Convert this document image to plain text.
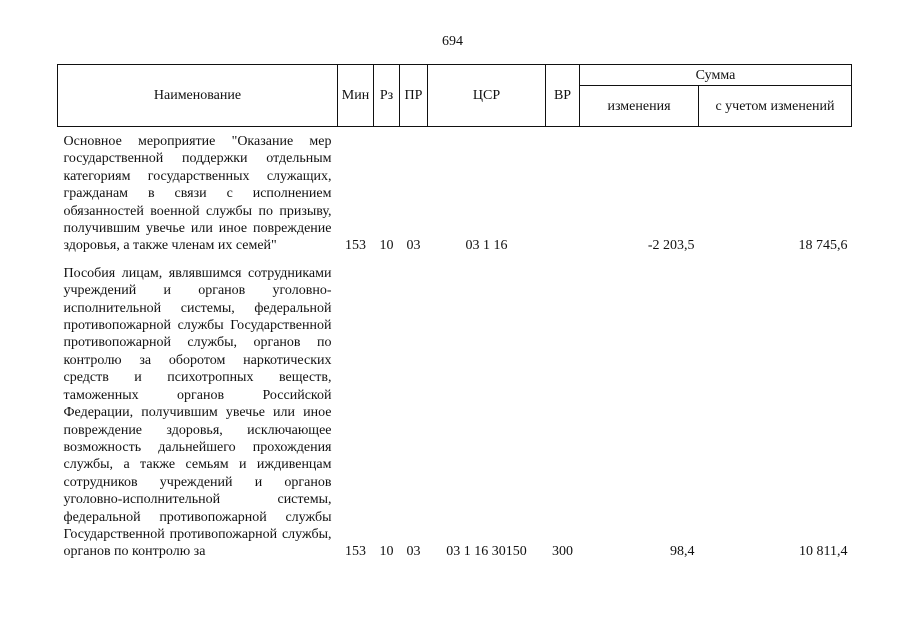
694
Наименование	Мин	Рз	ПР	ЦСР	ВР	Сумма	
						изменения	с учетом изменений
Основное мероприятие "Оказание мер государственной поддержки отдельным категориям государственных служащих, гражданам в связи с исполнением обязанностей военной службы по призыву, получившим увечье или иное повреждение здоровья, а также членам их семей"	153	10	03	03 1 16		-2 203,5	18 745,6
Пособия лицам, являвшимся сотрудниками учреждений и органов уголовно-исполнительной системы, федеральной противопожарной службы Государственной противопожарной службы, органов по контролю за оборотом наркотических средств и психотропных веществ, таможенных органов Российской Федерации, получившим увечье или иное повреждение здоровья, исключающее возможность дальнейшего прохождения службы, а также семьям и иждивенцам сотрудников учреждений и органов уголовно-исполнительной системы, федеральной противопожарной службы Государственной противопожарной службы, органов по контролю за	153	10	03	03 1 16 30150	300	98,4	10 811,4
